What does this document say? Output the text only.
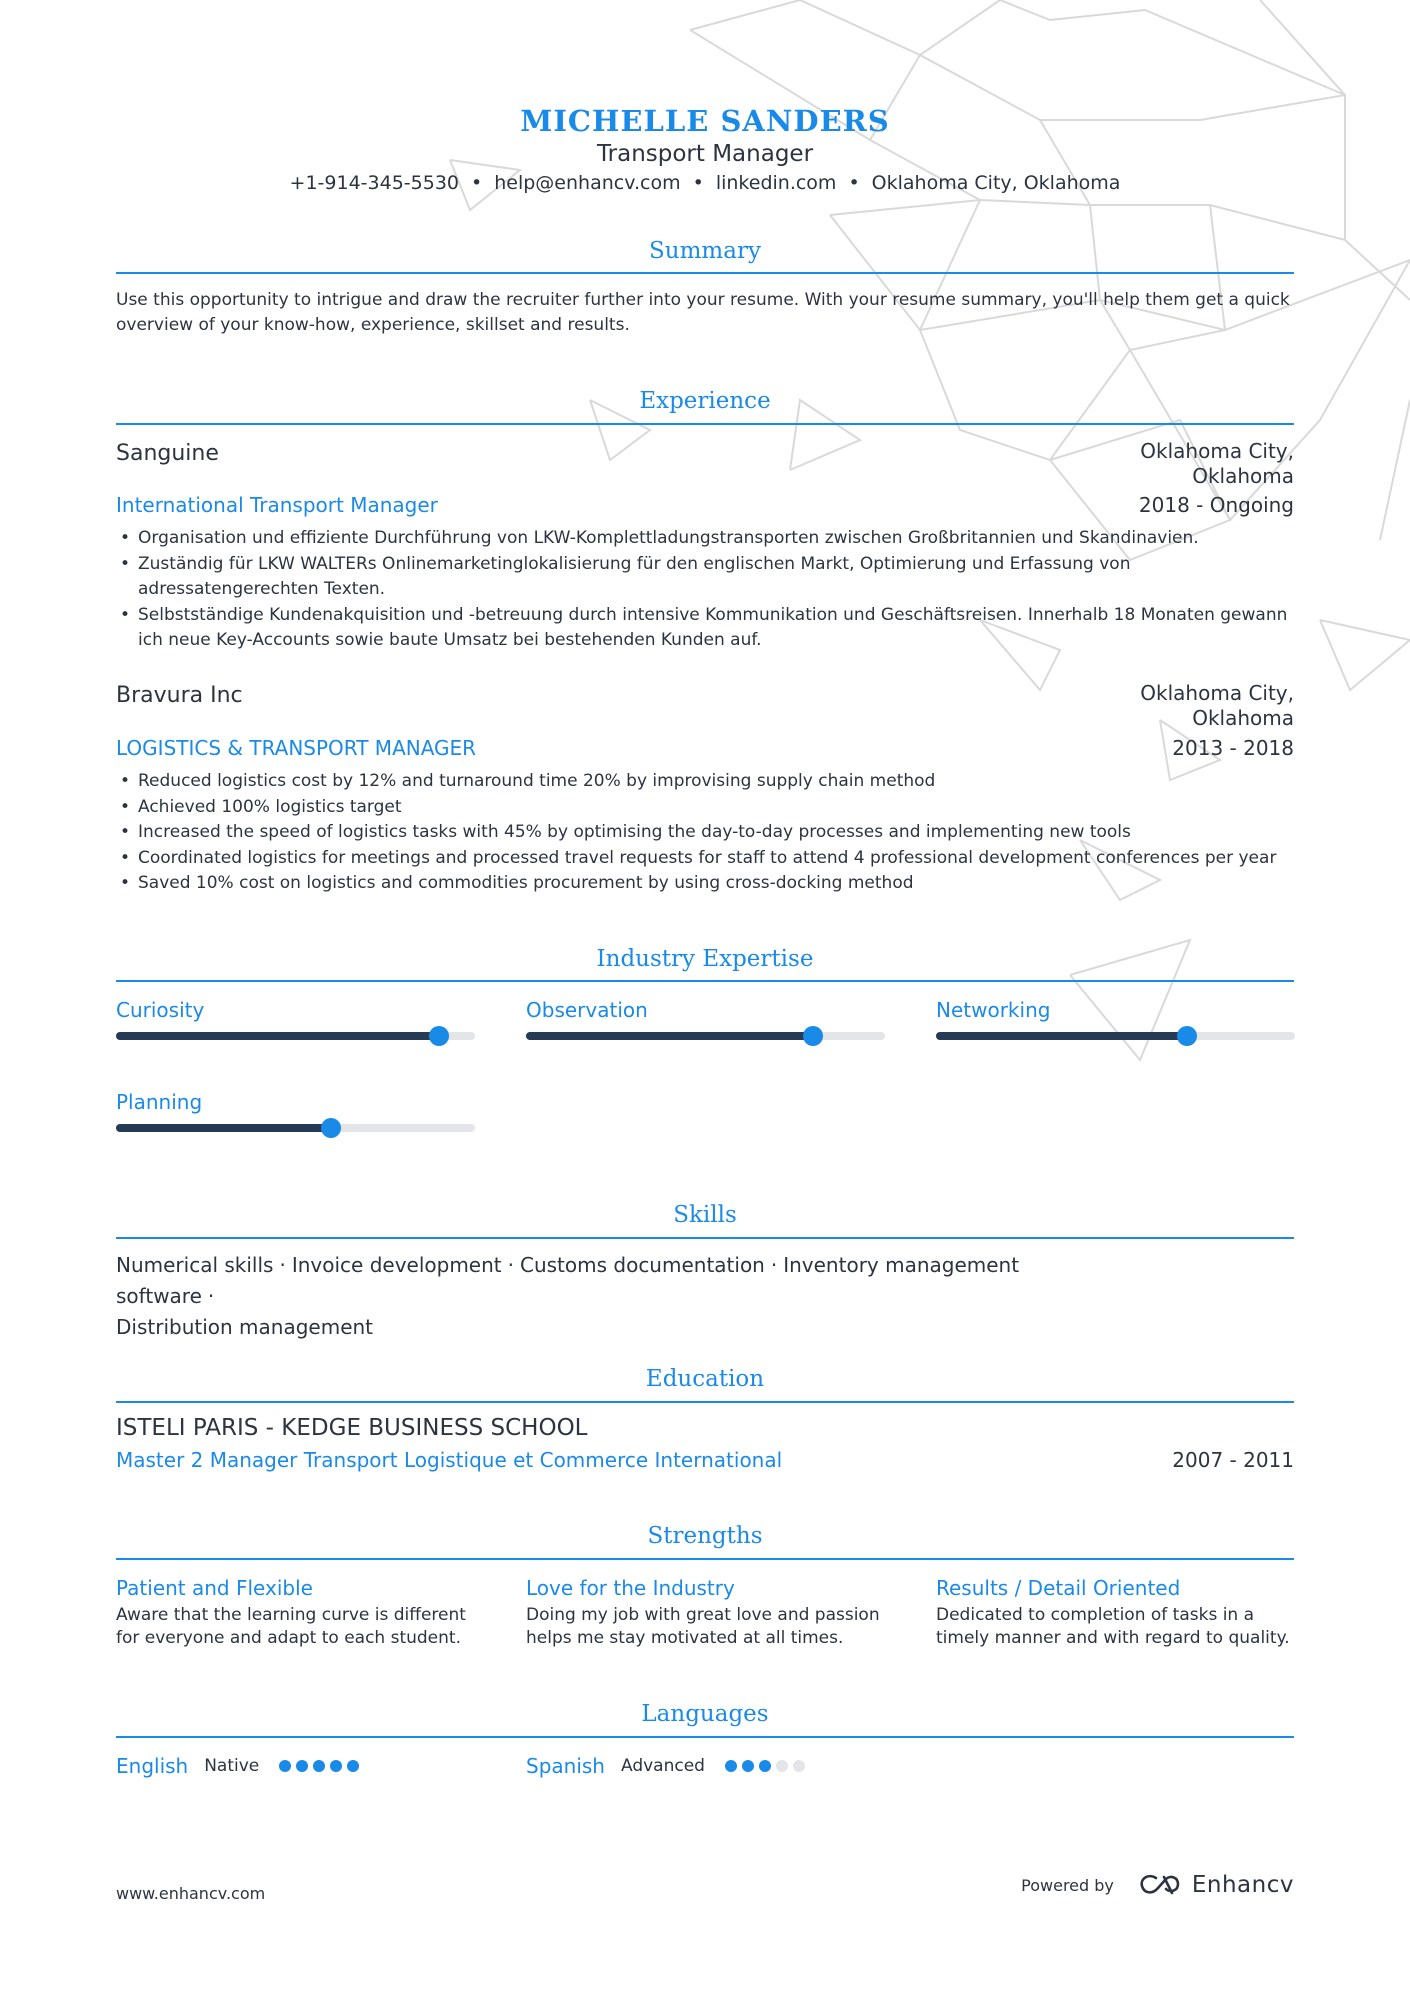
MICHELLE SANDERS
Transport Manager
+1-914-345-5530 • help@enhancv.com • linkedin.com • Oklahoma City, Oklahoma
Summary
Use this opportunity to intrigue and draw the recruiter further into your resume. With your resume summary, you'll help them get a quick overview of your know-how, experience, skillset and results.
Experience
Sanguine	Oklahoma City, Oklahoma
International Transport Manager	2018 - Ongoing
• Organisation und effiziente Durchführung von LKW-Komplettladungstransporten zwischen Großbritannien und Skandinavien.
• Zuständig für LKW WALTERs Onlinemarketinglokalisierung für den englischen Markt, Optimierung und Erfassung von adressatengerechten Texten.
• Selbstständige Kundenakquisition und -betreuung durch intensive Kommunikation und Geschäftsreisen. Innerhalb 18 Monaten gewann ich neue Key-Accounts sowie baute Umsatz bei bestehenden Kunden auf.
Bravura Inc	Oklahoma City, Oklahoma
LOGISTICS & TRANSPORT MANAGER	2013 - 2018
• Reduced logistics cost by 12% and turnaround time 20% by improvising supply chain method
• Achieved 100% logistics target
• Increased the speed of logistics tasks with 45% by optimising the day-to-day processes and implementing new tools
• Coordinated logistics for meetings and processed travel requests for staff to attend 4 professional development conferences per year
• Saved 10% cost on logistics and commodities procurement by using cross-docking method
Industry Expertise
Curiosity	Observation	Networking
Planning
Skills
Numerical skills · Invoice development · Customs documentation · Inventory management software ·
Distribution management
Education
ISTELI PARIS - KEDGE BUSINESS SCHOOL
Master 2 Manager Transport Logistique et Commerce International	2007 - 2011
Strengths
Patient and Flexible
Aware that the learning curve is different for everyone and adapt to each student.
Love for the Industry
Doing my job with great love and passion helps me stay motivated at all times.
Results / Detail Oriented
Dedicated to completion of tasks in a timely manner and with regard to quality.
Languages
English Native	Spanish Advanced
www.enhancv.com	Powered by	Enhancv
